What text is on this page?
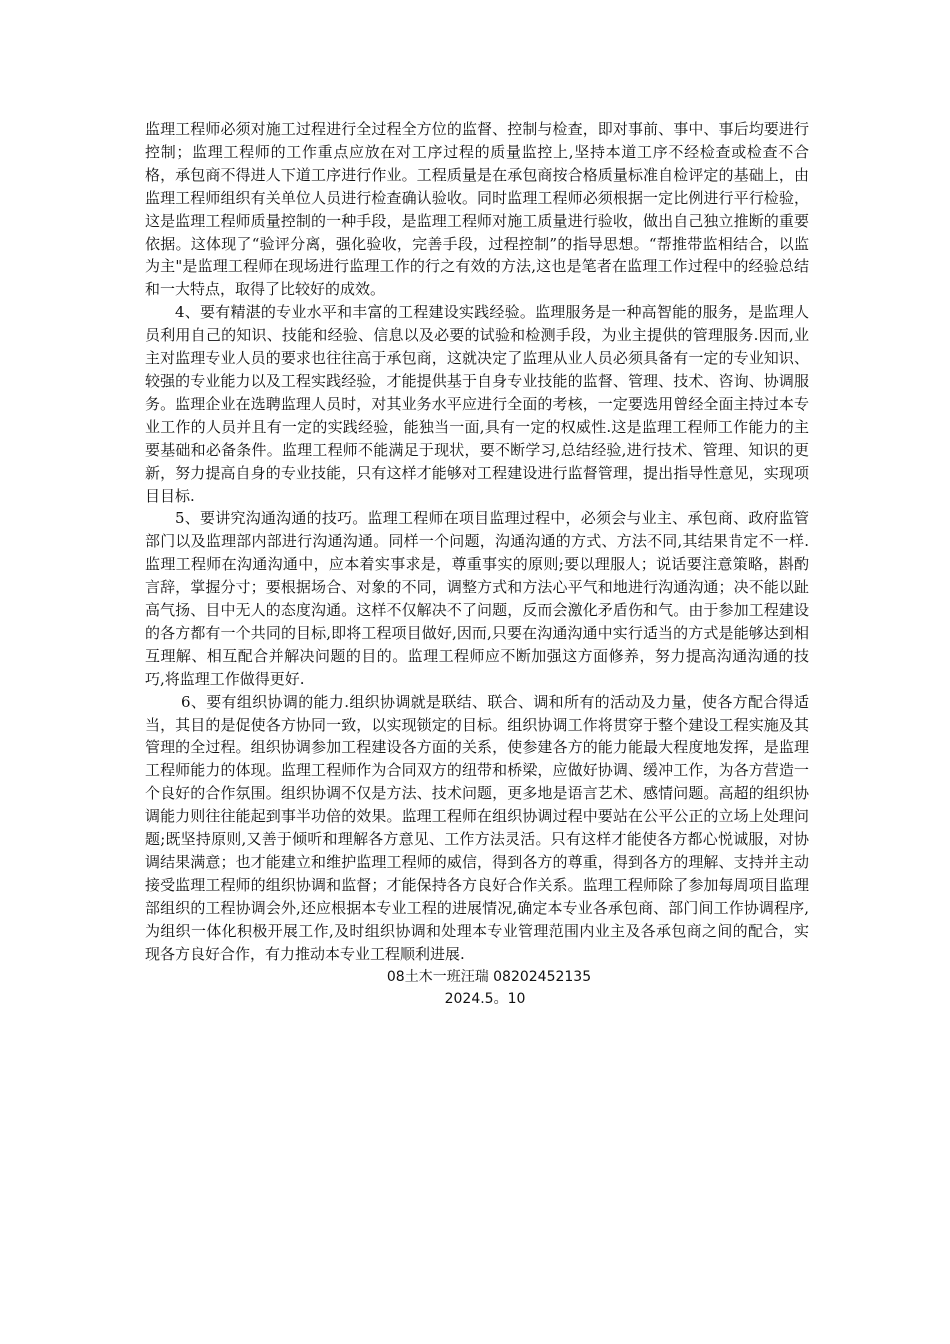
监理工程师必须对施工过程进行全过程全方位的监督、控制与检查，即对事前、事中、事后均要进行控制；监理工程师的工作重点应放在对工序过程的质量监控上,坚持本道工序不经检查或检查不合格，承包商不得进人下道工序进行作业。工程质量是在承包商按合格质量标准自检评定的基础上，由监理工程师组织有关单位人员进行检查确认验收。同时监理工程师必须根据一定比例进行平行检验，这是监理工程师质量控制的一种手段，是监理工程师对施工质量进行验收，做出自己独立推断的重要依据。这体现了“验评分离，强化验收，完善手段，过程控制”的指导思想。“帮推带监相结合，以监为主"是监理工程师在现场进行监理工作的行之有效的方法,这也是笔者在监理工作过程中的经验总结和一大特点，取得了比较好的成效。

4、要有精湛的专业水平和丰富的工程建设实践经验。监理服务是一种高智能的服务，是监理人员利用自己的知识、技能和经验、信息以及必要的试验和检测手段，为业主提供的管理服务.因而,业主对监理专业人员的要求也往往高于承包商，这就决定了监理从业人员必须具备有一定的专业知识、较强的专业能力以及工程实践经验，才能提供基于自身专业技能的监督、管理、技术、咨询、协调服务。监理企业在选聘监理人员时，对其业务水平应进行全面的考核，一定要选用曾经全面主持过本专业工作的人员并且有一定的实践经验，能独当一面,具有一定的权威性.这是监理工程师工作能力的主要基础和必备条件。监理工程师不能满足于现状，要不断学习,总结经验,进行技术、管理、知识的更新，努力提高自身的专业技能，只有这样才能够对工程建设进行监督管理，提出指导性意见，实现项目目标.

5、要讲究沟通沟通的技巧。监理工程师在项目监理过程中，必须会与业主、承包商、政府监管部门以及监理部内部进行沟通沟通。同样一个问题，沟通沟通的方式、方法不同,其结果肯定不一样.监理工程师在沟通沟通中，应本着实事求是，尊重事实的原则;要以理服人；说话要注意策略，斟酌言辞，掌握分寸；要根据场合、对象的不同，调整方式和方法心平气和地进行沟通沟通；决不能以趾高气扬、目中无人的态度沟通。这样不仅解决不了问题，反而会激化矛盾伤和气。由于参加工程建设的各方都有一个共同的目标,即将工程项目做好,因而,只要在沟通沟通中实行适当的方式是能够达到相互理解、相互配合并解决问题的目的。监理工程师应不断加强这方面修养，努力提高沟通沟通的技巧,将监理工作做得更好.

6、要有组织协调的能力.组织协调就是联结、联合、调和所有的活动及力量，使各方配合得适当，其目的是促使各方协同一致，以实现锁定的目标。组织协调工作将贯穿于整个建设工程实施及其管理的全过程。组织协调参加工程建设各方面的关系，使参建各方的能力能最大程度地发挥，是监理工程师能力的体现。监理工程师作为合同双方的纽带和桥梁，应做好协调、缓冲工作，为各方营造一个良好的合作氛围。组织协调不仅是方法、技术问题，更多地是语言艺术、感情问题。高超的组织协调能力则往往能起到事半功倍的效果。监理工程师在组织协调过程中要站在公平公正的立场上处理问题;既坚持原则,又善于倾听和理解各方意见、工作方法灵活。只有这样才能使各方都心悦诚服，对协调结果满意；也才能建立和维护监理工程师的威信，得到各方的尊重，得到各方的理解、支持并主动接受监理工程师的组织协调和监督；才能保持各方良好合作关系。监理工程师除了参加每周项目监理部组织的工程协调会外,还应根据本专业工程的进展情况,确定本专业各承包商、部门间工作协调程序,为组织一体化积极开展工作,及时组织协调和处理本专业管理范围内业主及各承包商之间的配合，实现各方良好合作，有力推动本专业工程顺利进展.

08土木一班汪瑞 08202452135

2024.5。10
